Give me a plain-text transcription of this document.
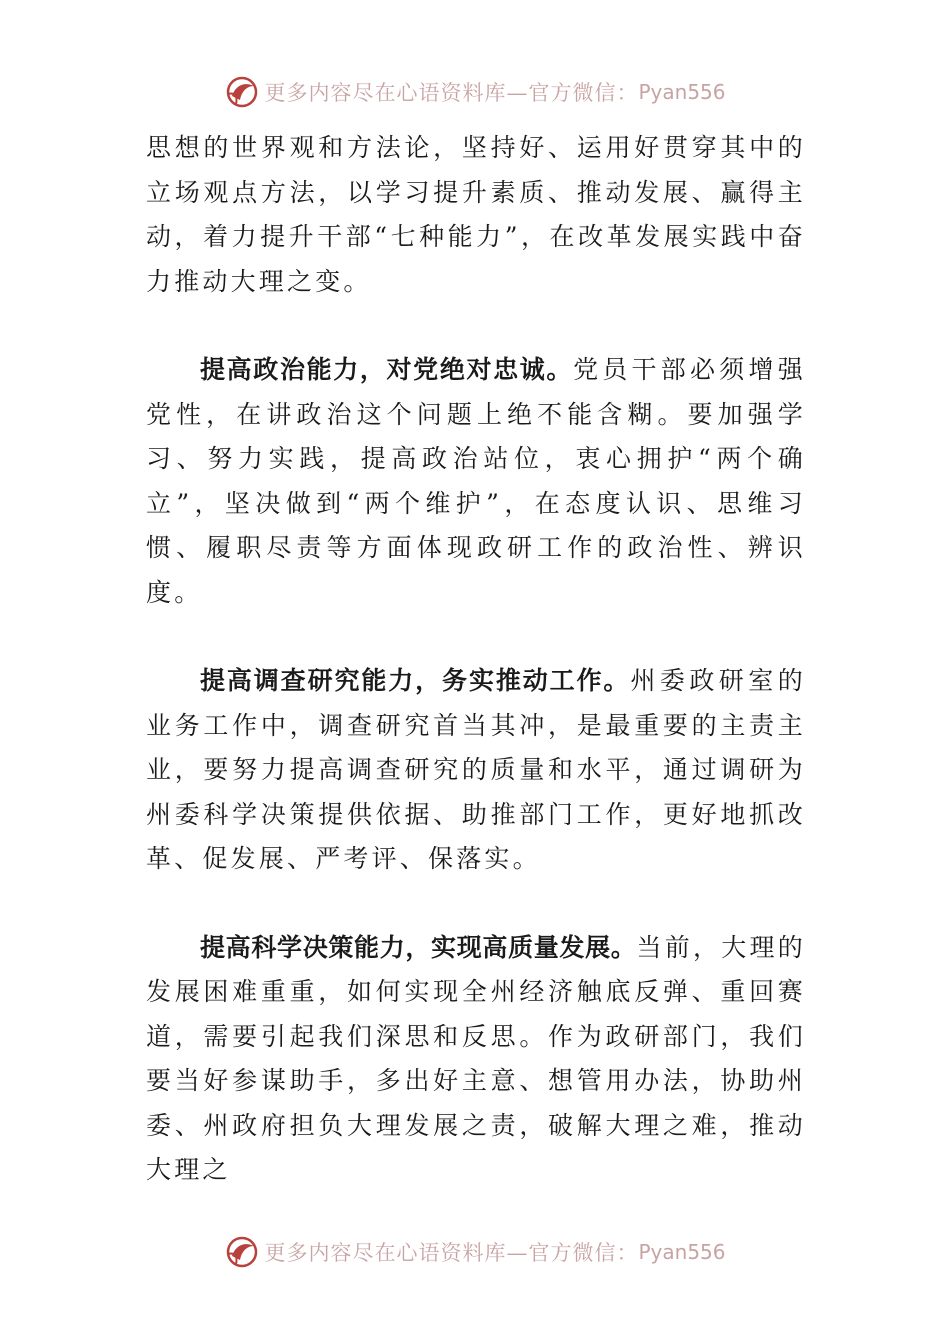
更多内容尽在心语资料库—官方微信： Pyan556

思想的世界观和方法论，坚持好、运用好贯穿其中的立场观点方法，以学习提升素质、推动发展、赢得主动，着力提升干部“七种能力”，在改革发展实践中奋力推动大理之变。

提高政治能力，对党绝对忠诚。党员干部必须增强党性，在讲政治这个问题上绝不能含糊。要加强学习、努力实践，提高政治站位，衷心拥护“两个确立”，坚决做到“两个维护”，在态度认识、思维习惯、履职尽责等方面体现政研工作的政治性、辨识度。

提高调查研究能力，务实推动工作。州委政研室的业务工作中，调查研究首当其冲，是最重要的主责主业，要努力提高调查研究的质量和水平，通过调研为州委科学决策提供依据、助推部门工作，更好地抓改革、促发展、严考评、保落实。

提高科学决策能力，实现高质量发展。当前，大理的发展困难重重，如何实现全州经济触底反弹、重回赛道，需要引起我们深思和反思。作为政研部门，我们要当好参谋助手，多出好主意、想管用办法，协助州委、州政府担负大理发展之责，破解大理之难，推动大理之

更多内容尽在心语资料库—官方微信： Pyan556
